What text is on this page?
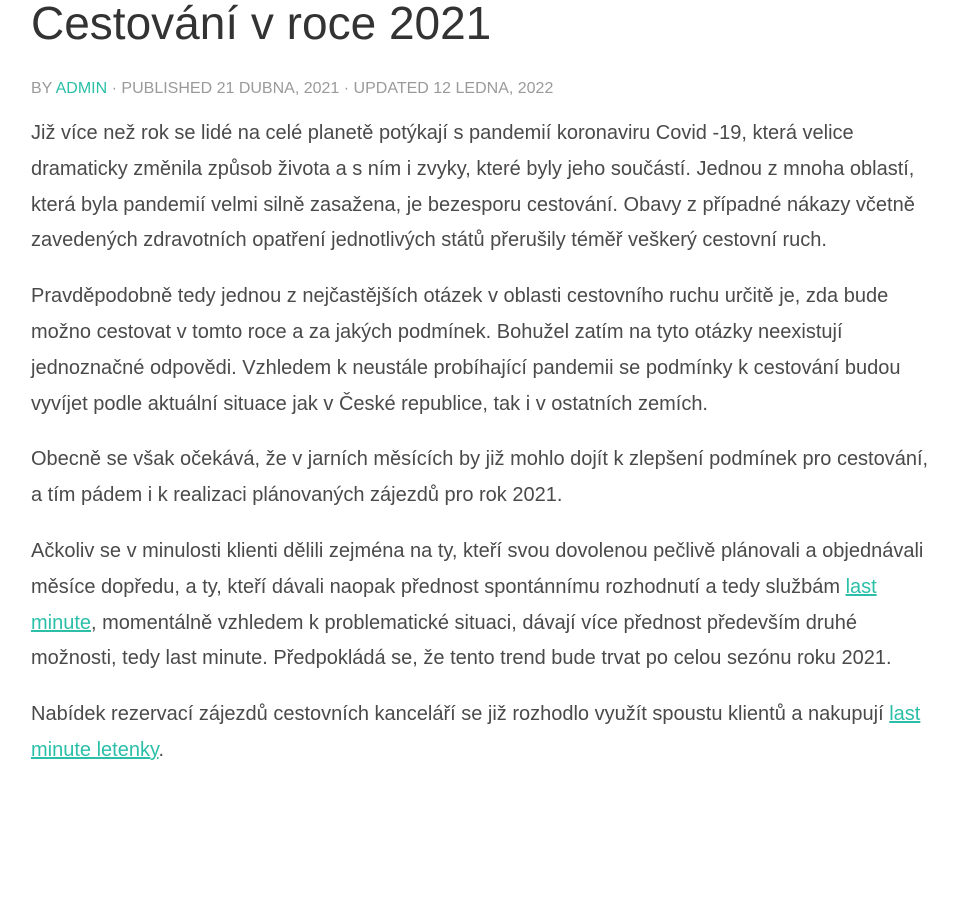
Cestování v roce 2021
BY ADMIN · PUBLISHED 21 DUBNA, 2021 · UPDATED 12 LEDNA, 2022

Již více než rok se lidé na celé planetě potýkají s pandemií koronaviru Covid -19, která velice dramaticky změnila způsob života a s ním i zvyky, které byly jeho součástí. Jednou z mnoha oblastí, která byla pandemií velmi silně zasažena, je bezesporu cestování. Obavy z případné nákazy včetně zavedených zdravotních opatření jednotlivých států přerušily téměř veškerý cestovní ruch.

Pravděpodobně tedy jednou z nejčastějších otázek v oblasti cestovního ruchu určitě je, zda bude možno cestovat v tomto roce a za jakých podmínek. Bohužel zatím na tyto otázky neexistují jednoznačné odpovědi. Vzhledem k neustále probíhající pandemii se podmínky k cestování budou vyvíjet podle aktuální situace jak v České republice, tak i v ostatních zemích.

Obecně se však očekává, že v jarních měsících by již mohlo dojít k zlepšení podmínek pro cestování, a tím pádem i k realizaci plánovaných zájezdů pro rok 2021.

Ačkoliv se v minulosti klienti dělili zejména na ty, kteří svou dovolenou pečlivě plánovali a objednávali měsíce dopředu, a ty, kteří dávali naopak přednost spontánnímu rozhodnutí a tedy službám last minute, momentálně vzhledem k problematické situaci, dávají více přednost především druhé možnosti, tedy last minute. Předpokládá se, že tento trend bude trvat po celou sezónu roku 2021.

Nabídek rezervací zájezdů cestovních kanceláří se již rozhodlo využít spoustu klientů a nakupují last minute letenky.
